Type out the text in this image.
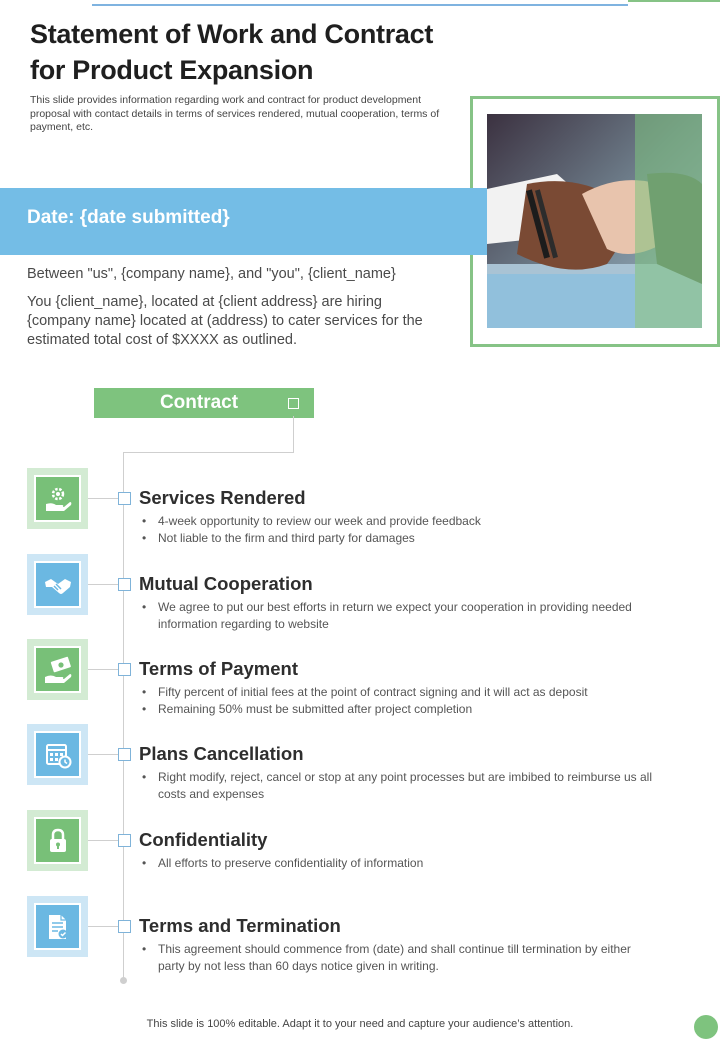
Statement of Work and Contract for Product Expansion

This slide provides information regarding work and contract for product development proposal with contact details in terms of services rendered, mutual cooperation, terms of payment, etc.

Date: {date submitted}

Between "us", {company name}, and "you", {client_name}

You {client_name}, located at {client address} are hiring {company name} located at (address) to cater services for the estimated total cost of $XXXX as outlined.

Contract
Services Rendered
• 4-week opportunity to review our week and provide feedback
• Not liable to the firm and third party for damages
Mutual Cooperation
• We agree to put our best efforts in return we expect your cooperation in providing needed information regarding to website
Terms of Payment
• Fifty percent of initial fees at the point of contract signing and it will act as deposit
• Remaining 50% must be submitted after project completion
Plans Cancellation
• Right modify, reject, cancel or stop at any point processes but are imbibed to reimburse us all costs and expenses
Confidentiality
• All efforts to preserve confidentiality of information
Terms and Termination
• This agreement should commence from (date) and shall continue till termination by either party by not less than 60 days notice given in writing.
This slide is 100% editable. Adapt it to your need and capture your audience’s attention.
